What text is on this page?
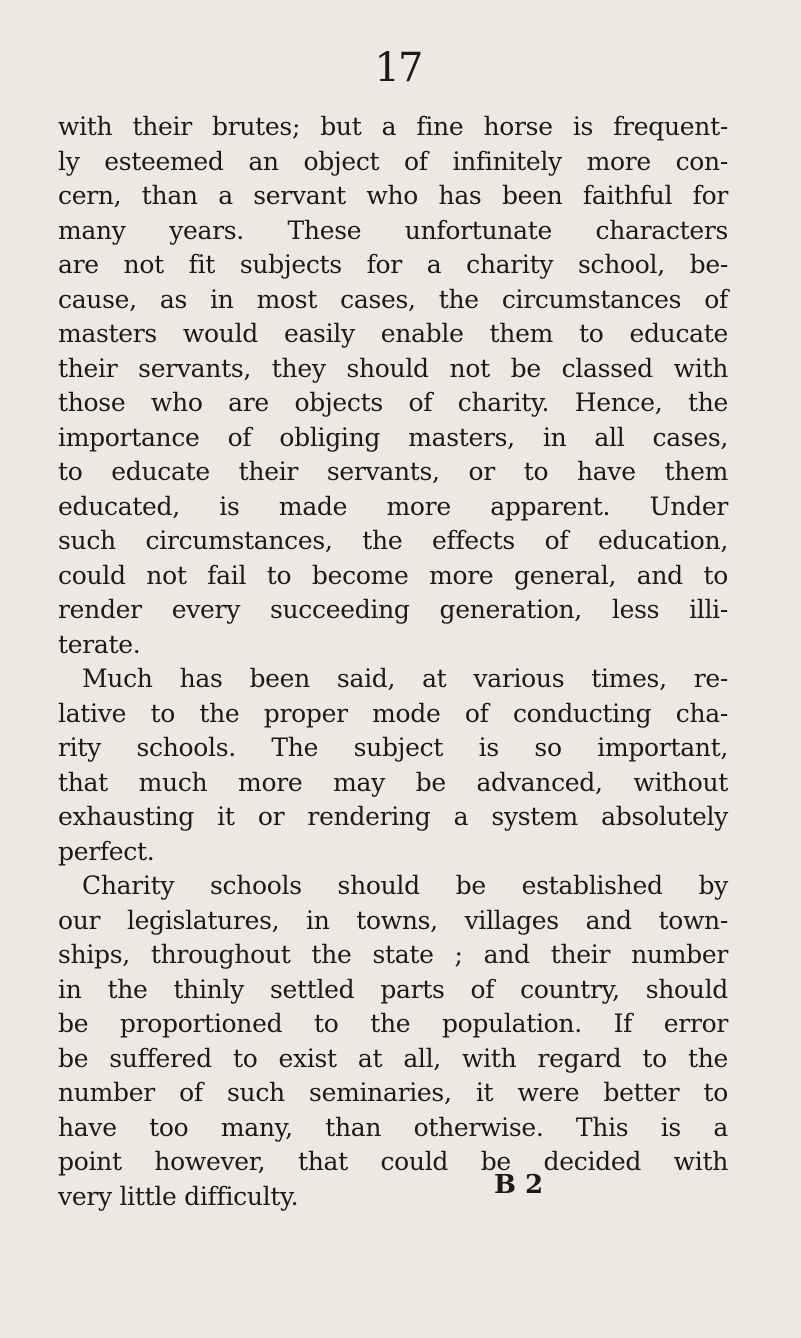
17
with their brutes; but a fine horse is frequent-
ly esteemed an object of infinitely more con-
cern, than a servant who has been faithful for
many years. These unfortunate characters
are not fit subjects for a charity school, be-
cause, as in most cases, the circumstances of
masters would easily enable them to educate
their servants, they should not be classed with
those who are objects of charity. Hence, the
importance of obliging masters, in all cases,
to educate their servants, or to have them
educated, is made more apparent. Under
such circumstances, the effects of education,
could not fail to become more general, and to
render every succeeding generation, less illi-
terate.
Much has been said, at various times, re-
lative to the proper mode of conducting cha-
rity schools. The subject is so important,
that much more may be advanced, without
exhausting it or rendering a system absolutely
perfect.
Charity schools should be established by
our legislatures, in towns, villages and town-
ships, throughout the state ; and their number
in the thinly settled parts of country, should
be proportioned to the population. If error
be suffered to exist at all, with regard to the
number of such seminaries, it were better to
have too many, than otherwise. This is a
point however, that could be decided with
very little difficulty.	B 2
